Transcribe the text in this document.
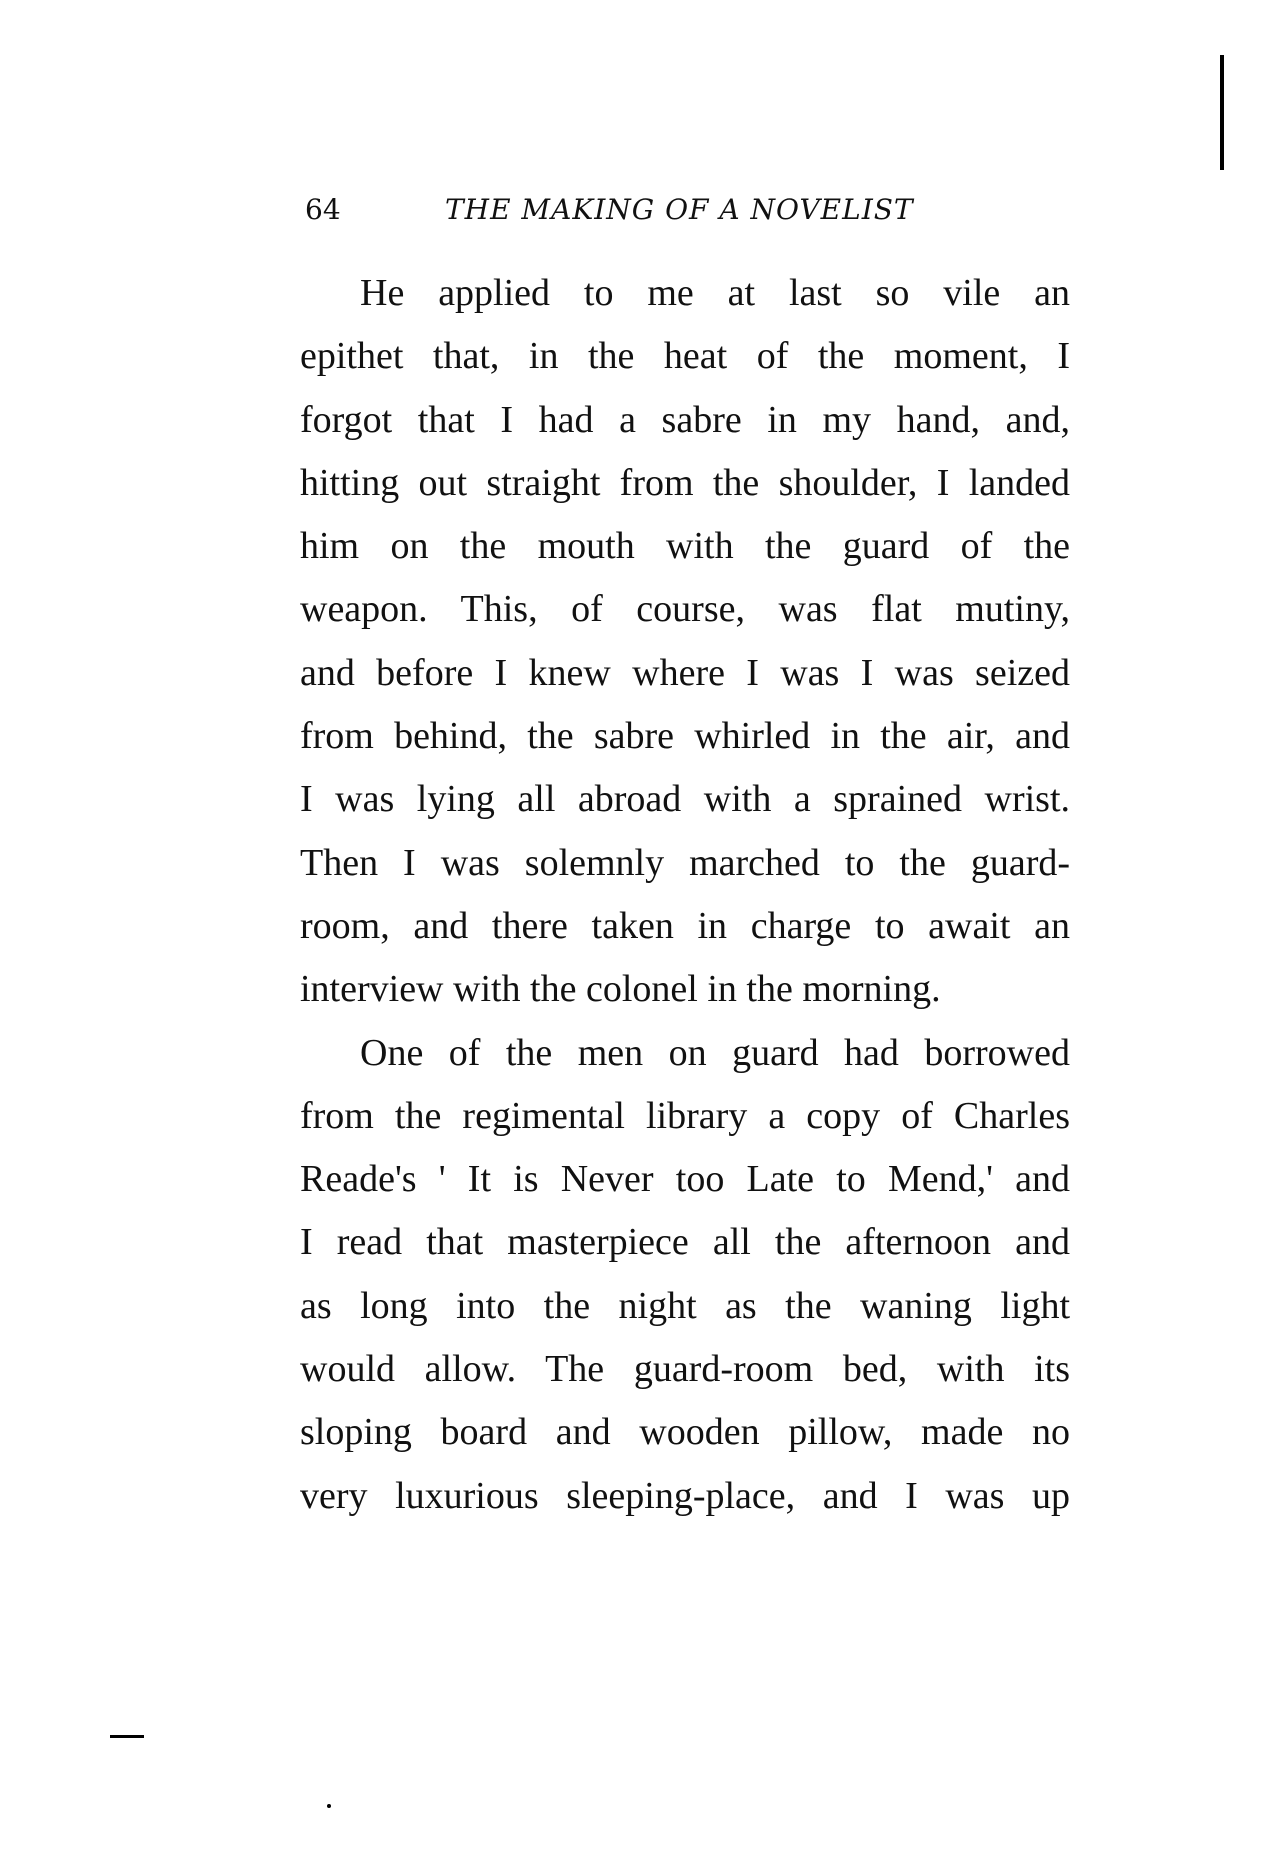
64	THE MAKING OF A NOVELIST
He applied to me at last so vile an
epithet that, in the heat of the moment, I
forgot that I had a sabre in my hand, and,
hitting out straight from the shoulder, I landed
him on the mouth with the guard of the
weapon. This, of course, was flat mutiny,
and before I knew where I was I was seized
from behind, the sabre whirled in the air, and
I was lying all abroad with a sprained wrist.
Then I was solemnly marched to the guard-
room, and there taken in charge to await an
interview with the colonel in the morning.
One of the men on guard had borrowed
from the regimental library a copy of Charles
Reade's ' It is Never too Late to Mend,' and
I read that masterpiece all the afternoon and
as long into the night as the waning light
would allow. The guard-room bed, with its
sloping board and wooden pillow, made no
very luxurious sleeping-place, and I was up
